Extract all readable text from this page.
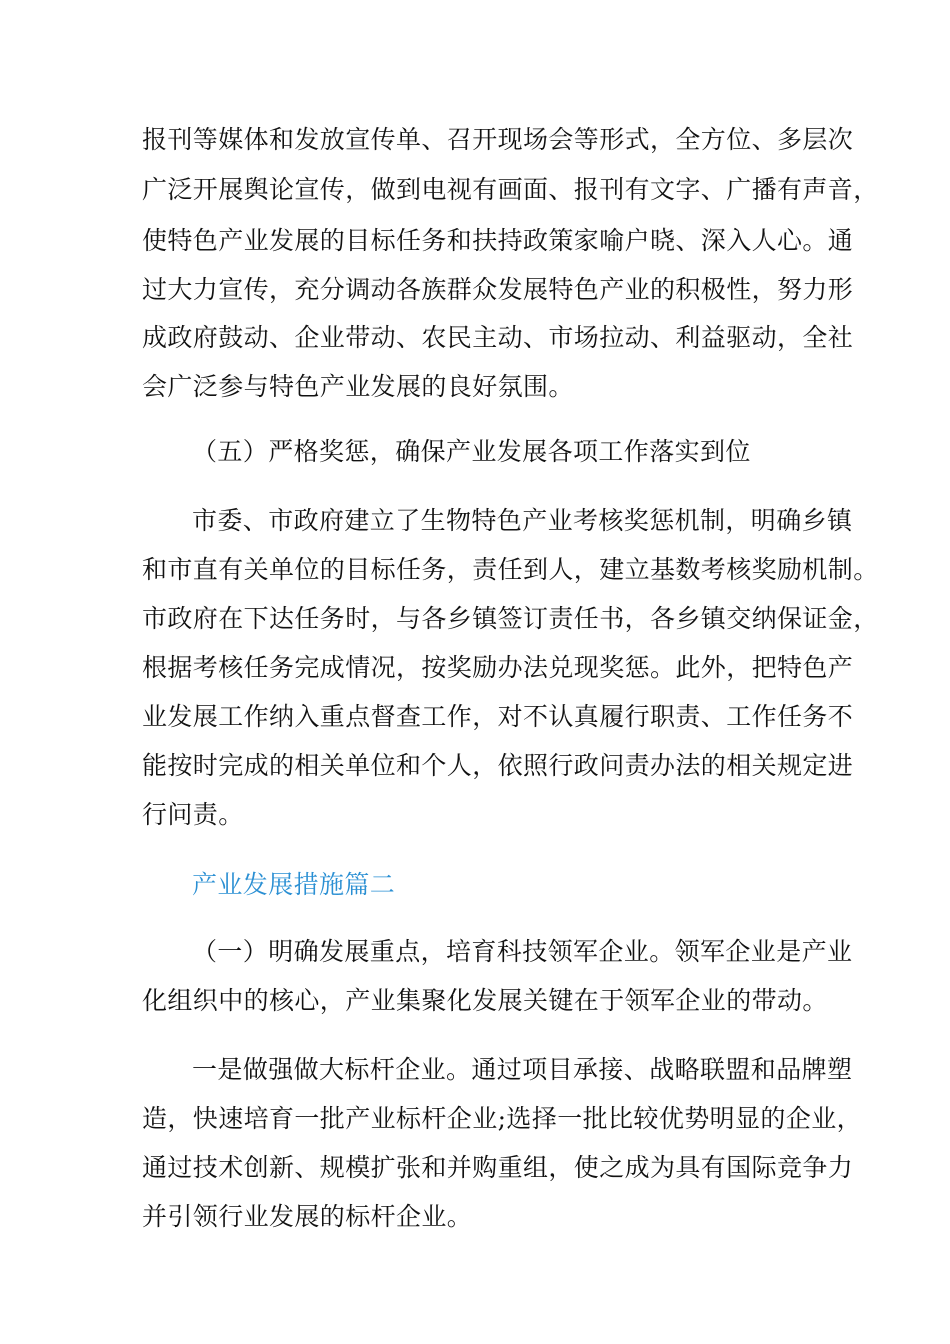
报刊等媒体和发放宣传单、召开现场会等形式，全方位、多层次
广泛开展舆论宣传，做到电视有画面、报刊有文字、广播有声音，
使特色产业发展的目标任务和扶持政策家喻户晓、深入人心。通
过大力宣传，充分调动各族群众发展特色产业的积极性，努力形
成政府鼓动、企业带动、农民主动、市场拉动、利益驱动，全社
会广泛参与特色产业发展的良好氛围。
（五）严格奖惩，确保产业发展各项工作落实到位
市委、市政府建立了生物特色产业考核奖惩机制，明确乡镇
和市直有关单位的目标任务，责任到人，建立基数考核奖励机制。
市政府在下达任务时，与各乡镇签订责任书，各乡镇交纳保证金，
根据考核任务完成情况，按奖励办法兑现奖惩。此外，把特色产
业发展工作纳入重点督查工作，对不认真履行职责、工作任务不
能按时完成的相关单位和个人，依照行政问责办法的相关规定进
行问责。
产业发展措施篇二
（一）明确发展重点，培育科技领军企业。领军企业是产业
化组织中的核心，产业集聚化发展关键在于领军企业的带动。
一是做强做大标杆企业。通过项目承接、战略联盟和品牌塑
造，快速培育一批产业标杆企业;选择一批比较优势明显的企业，
通过技术创新、规模扩张和并购重组，使之成为具有国际竞争力
并引领行业发展的标杆企业。
